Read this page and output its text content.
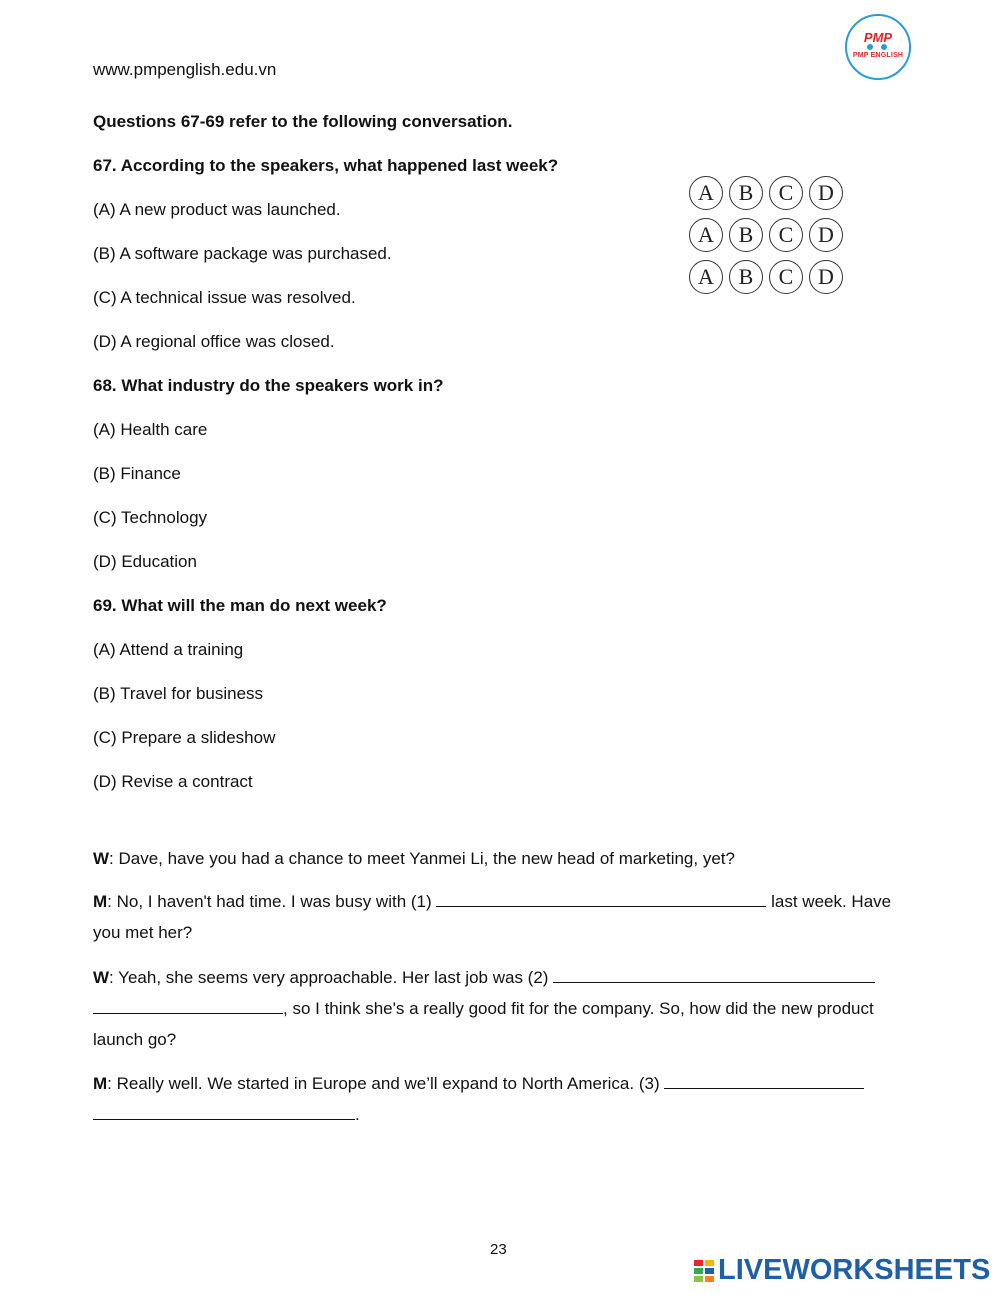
www.pmpenglish.edu.vn
PMP
PMP ENGLISH
Questions 67-69 refer to the following conversation.
67. According to the speakers, what happened last week?
(A) A new product was launched.
(B) A software package was purchased.
(C) A technical issue was resolved.
(D) A regional office was closed.
68. What industry do the speakers work in?
(A) Health care
(B) Finance
(C) Technology
(D) Education
69. What will the man do next week?
(A) Attend a training
(B) Travel for business
(C) Prepare a slideshow
(D) Revise a contract
A	B	C	D
A	B	C	D
A	B	C	D

W: Dave, have you had a chance to meet Yanmei Li, the new head of marketing, yet?

M: No, I haven't had time. I was busy with (1)	last week. Have you met her?

W: Yeah, she seems very approachable. Her last job was (2) , so I think she's a really good fit for the company. So, how did the new product launch go?

M: Really well. We started in Europe and we’ll expand to North America. (3) .

23
LIVEWORKSHEETS
